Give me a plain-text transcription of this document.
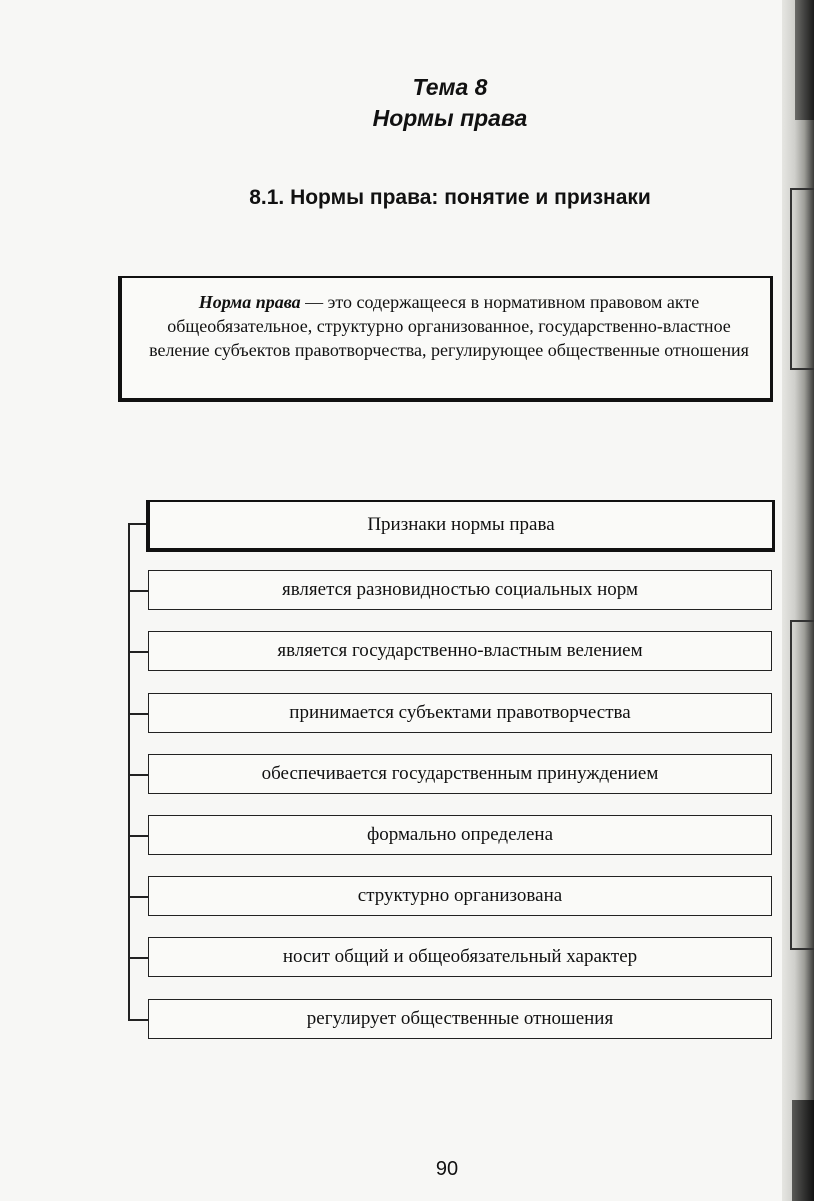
Тема 8
Нормы права
8.1. Нормы права: понятие и признаки
Норма права — это содержащееся в нормативном правовом акте общеобязательное, структурно организованное, государственно-властное веление субъектов правотворчества, регулирующее общественные отношения
Признаки нормы права
является разновидностью социальных норм
является государственно-властным велением
принимается субъектами правотворчества
обеспечивается государственным принуждением
формально определена
структурно организована
носит общий и общеобязательный характер
регулирует общественные отношения
90
